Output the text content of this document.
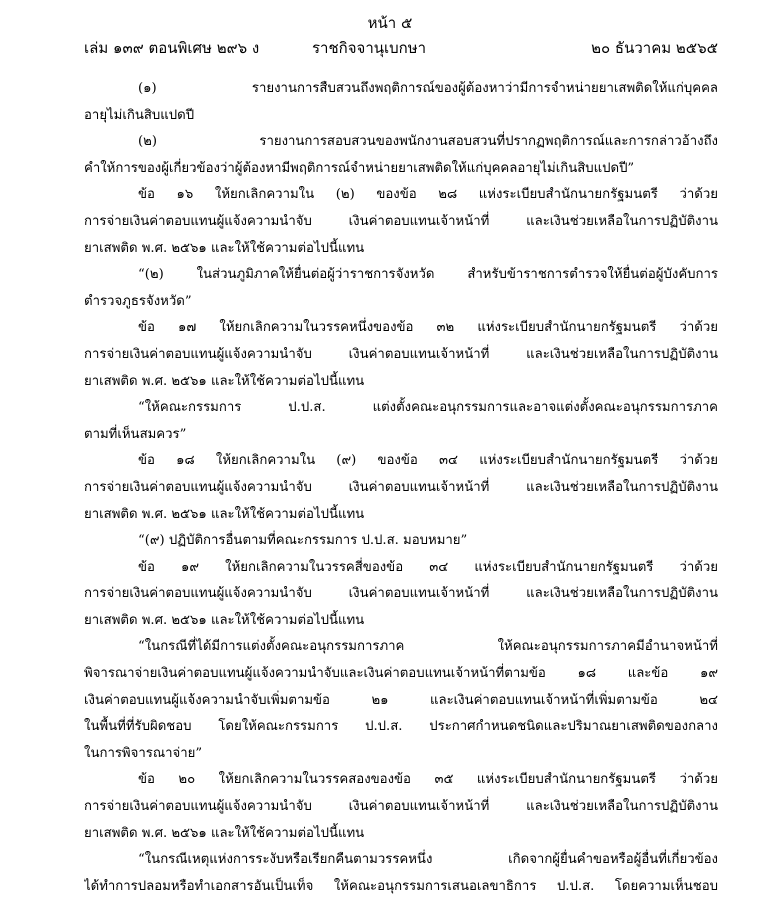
หน้า ๕
เล่ม ๑๓๙ ตอนพิเศษ ๒๙๖ ง	ราชกิจจานุเบกษา	๒๐ ธันวาคม ๒๕๖๕
(๑) รายงานการสืบสวนถึงพฤติการณ์ของผู้ต้องหาว่ามีการจำหน่ายยาเสพติดให้แก่บุคคล
อายุไม่เกินสิบแปดปี
(๒) รายงานการสอบสวนของพนักงานสอบสวนที่ปรากฏพฤติการณ์และการกล่าวอ้างถึง
คำให้การของผู้เกี่ยวข้องว่าผู้ต้องหามีพฤติการณ์จำหน่ายยาเสพติดให้แก่บุคคลอายุไม่เกินสิบแปดปี”
ข้อ ๑๖ ให้ยกเลิกความใน (๒) ของข้อ ๒๘ แห่งระเบียบสำนักนายกรัฐมนตรี ว่าด้วย
การจ่ายเงินค่าตอบแทนผู้แจ้งความนำจับ เงินค่าตอบแทนเจ้าหน้าที่ และเงินช่วยเหลือในการปฏิบัติงาน
ยาเสพติด พ.ศ. ๒๕๖๑ และให้ใช้ความต่อไปนี้แทน
“(๒) ในส่วนภูมิภาคให้ยื่นต่อผู้ว่าราชการจังหวัด สำหรับข้าราชการตำรวจให้ยื่นต่อผู้บังคับการ
ตำรวจภูธรจังหวัด”
ข้อ ๑๗ ให้ยกเลิกความในวรรคหนึ่งของข้อ ๓๒ แห่งระเบียบสำนักนายกรัฐมนตรี ว่าด้วย
การจ่ายเงินค่าตอบแทนผู้แจ้งความนำจับ เงินค่าตอบแทนเจ้าหน้าที่ และเงินช่วยเหลือในการปฏิบัติงาน
ยาเสพติด พ.ศ. ๒๕๖๑ และให้ใช้ความต่อไปนี้แทน
“ให้คณะกรรมการ ป.ป.ส. แต่งตั้งคณะอนุกรรมการและอาจแต่งตั้งคณะอนุกรรมการภาค
ตามที่เห็นสมควร”
ข้อ ๑๘ ให้ยกเลิกความใน (๙) ของข้อ ๓๔ แห่งระเบียบสำนักนายกรัฐมนตรี ว่าด้วย
การจ่ายเงินค่าตอบแทนผู้แจ้งความนำจับ เงินค่าตอบแทนเจ้าหน้าที่ และเงินช่วยเหลือในการปฏิบัติงาน
ยาเสพติด พ.ศ. ๒๕๖๑ และให้ใช้ความต่อไปนี้แทน
“(๙) ปฏิบัติการอื่นตามที่คณะกรรมการ ป.ป.ส. มอบหมาย”
ข้อ ๑๙ ให้ยกเลิกความในวรรคสี่ของข้อ ๓๔ แห่งระเบียบสำนักนายกรัฐมนตรี ว่าด้วย
การจ่ายเงินค่าตอบแทนผู้แจ้งความนำจับ เงินค่าตอบแทนเจ้าหน้าที่ และเงินช่วยเหลือในการปฏิบัติงาน
ยาเสพติด พ.ศ. ๒๕๖๑ และให้ใช้ความต่อไปนี้แทน
“ในกรณีที่ได้มีการแต่งตั้งคณะอนุกรรมการภาค ให้คณะอนุกรรมการภาคมีอำนาจหน้าที่
พิจารณาจ่ายเงินค่าตอบแทนผู้แจ้งความนำจับและเงินค่าตอบแทนเจ้าหน้าที่ตามข้อ ๑๘ และข้อ ๑๙
เงินค่าตอบแทนผู้แจ้งความนำจับเพิ่มตามข้อ ๒๑ และเงินค่าตอบแทนเจ้าหน้าที่เพิ่มตามข้อ ๒๔
ในพื้นที่ที่รับผิดชอบ โดยให้คณะกรรมการ ป.ป.ส. ประกาศกำหนดชนิดและปริมาณยาเสพติดของกลาง
ในการพิจารณาจ่าย”
ข้อ ๒๐ ให้ยกเลิกความในวรรคสองของข้อ ๓๕ แห่งระเบียบสำนักนายกรัฐมนตรี ว่าด้วย
การจ่ายเงินค่าตอบแทนผู้แจ้งความนำจับ เงินค่าตอบแทนเจ้าหน้าที่ และเงินช่วยเหลือในการปฏิบัติงาน
ยาเสพติด พ.ศ. ๒๕๖๑ และให้ใช้ความต่อไปนี้แทน
“ในกรณีเหตุแห่งการระงับหรือเรียกคืนตามวรรคหนึ่ง เกิดจากผู้ยื่นคำขอหรือผู้อื่นที่เกี่ยวข้อง
ได้ทำการปลอมหรือทำเอกสารอันเป็นเท็จ ให้คณะอนุกรรมการเสนอเลขาธิการ ป.ป.ส. โดยความเห็นชอบ
